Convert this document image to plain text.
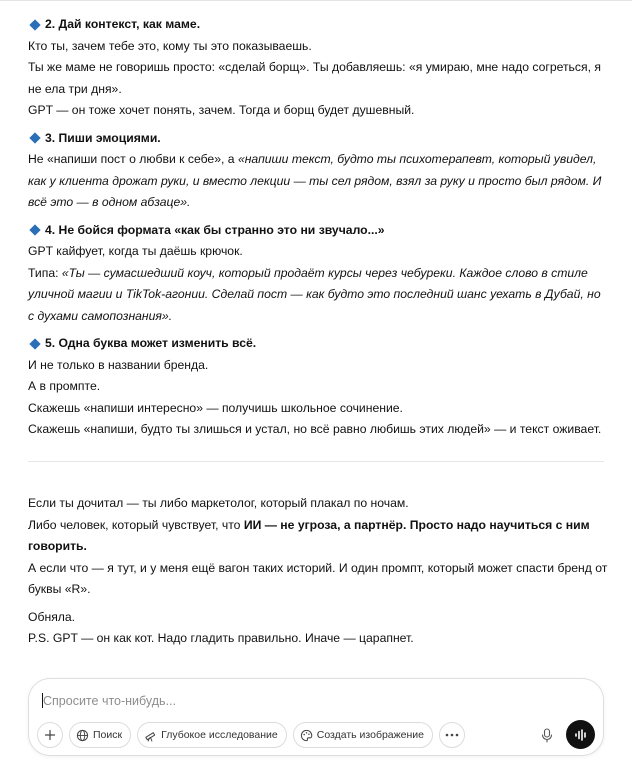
2. Дай контекст, как маме.
Кто ты, зачем тебе это, кому ты это показываешь.
Ты же маме не говоришь просто: «сделай борщ». Ты добавляешь: «я умираю, мне надо согреться, я не ела три дня».
GPT — он тоже хочет понять, зачем. Тогда и борщ будет душевный.
3. Пиши эмоциями.
Не «напиши пост о любви к себе», а «напиши текст, будто ты психотерапевт, который увидел, как у клиента дрожат руки, и вместо лекции — ты сел рядом, взял за руку и просто был рядом. И всё это — в одном абзаце».
4. Не бойся формата «как бы странно это ни звучало...»
GPT кайфует, когда ты даёшь крючок.
Типа: «Ты — сумасшедший коуч, который продаёт курсы через чебуреки. Каждое слово в стиле уличной магии и TikTok-агонии. Сделай пост — как будто это последний шанс уехать в Дубай, но с духами самопознания».
5. Одна буква может изменить всё.
И не только в названии бренда.
А в промпте.
Скажешь «напиши интересно» — получишь школьное сочинение.
Скажешь «напиши, будто ты злишься и устал, но всё равно любишь этих людей» — и текст оживает.

Если ты дочитал — ты либо маркетолог, который плакал по ночам.

Либо человек, который чувствует, что ИИ — не угроза, а партнёр. Просто надо научиться с ним говорить.

А если что — я тут, и у меня ещё вагон таких историй. И один промпт, который может спасти бренд от буквы «R».

Обняла.

P.S. GPT — он как кот. Надо гладить правильно. Иначе — царапнет.

Спросите что-нибудь...
Поиск	Глубокое исследование	Создать изображение
